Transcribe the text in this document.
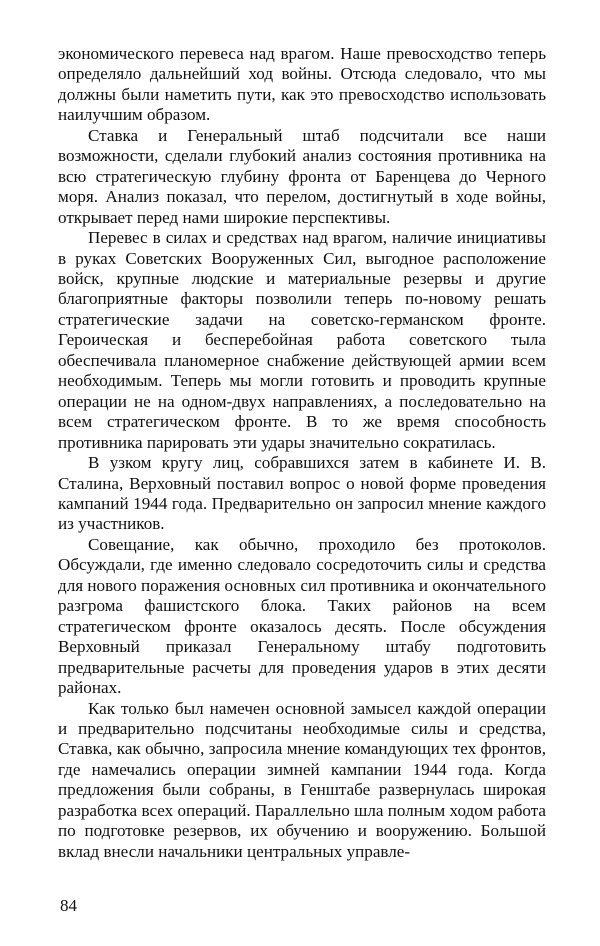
экономического перевеса над врагом. Наше превосходство теперь определяло дальнейший ход войны. Отсюда следовало, что мы должны были наметить пути, как это превосходство использовать наилучшим образом.

Ставка и Генеральный штаб подсчитали все наши возможности, сделали глубокий анализ состояния противника на всю стратегическую глубину фронта от Баренцева до Черного моря. Анализ показал, что перелом, достигнутый в ходе войны, открывает перед нами широкие перспективы.

Перевес в силах и средствах над врагом, наличие инициативы в руках Советских Вооруженных Сил, выгодное расположение войск, крупные людские и материальные резервы и другие благоприятные факторы позволили теперь по-новому решать стратегические задачи на советско-германском фронте. Героическая и бесперебойная работа советского тыла обеспечивала планомерное снабжение действующей армии всем необходимым. Теперь мы могли готовить и проводить крупные операции не на одном-двух направлениях, а последовательно на всем стратегическом фронте. В то же время способность противника парировать эти удары значительно сократилась.

В узком кругу лиц, собравшихся затем в кабинете И. В. Сталина, Верховный поставил вопрос о новой форме проведения кампаний 1944 года. Предварительно он запросил мнение каждого из участников.

Совещание, как обычно, проходило без протоколов. Обсуждали, где именно следовало сосредоточить силы и средства для нового поражения основных сил противника и окончательного разгрома фашистского блока. Таких районов на всем стратегическом фронте оказалось десять. После обсуждения Верховный приказал Генеральному штабу подготовить предварительные расчеты для проведения ударов в этих десяти районах.

Как только был намечен основной замысел каждой операции и предварительно подсчитаны необходимые силы и средства, Ставка, как обычно, запросила мнение командующих тех фронтов, где намечались операции зимней кампании 1944 года. Когда предложения были собраны, в Генштабе развернулась широкая разработка всех операций. Параллельно шла полным ходом работа по подготовке резервов, их обучению и вооружению. Большой вклад внесли начальники центральных управле-

84
